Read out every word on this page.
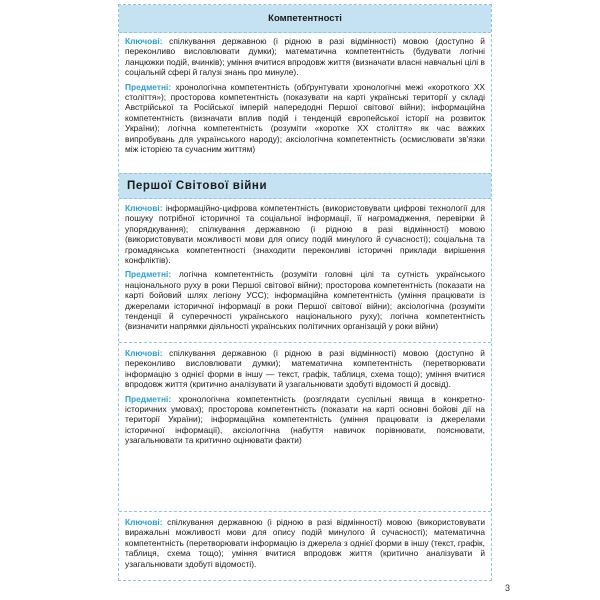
Компетентності

Ключові: спілкування державною (і рідною в разі відмінності) мовою (доступно й переконливо висловлювати думки); математична компетентність (будувати логічні ланцюжки подій, вчинків); уміння вчитися впродовж життя (визначати власні навчальні цілі в соціальній сфері й галузі знань про минуле).

Предметні: хронологічна компетентність (обґрунтувати хронологічні межі «короткого XX століття»); просторова компетентність (показувати на карті українські території у складі Австрійської та Російської імперій напередодні Першої світової війни); інформаційна компетентність (визначати вплив подій і тенденцій європейської історії на розвиток України); логічна компетентність (розуміти «коротке XX століття» як час важких випробувань для українського народу); аксіологічна компетентність (осмислювати зв'язки між історією та сучасним життям)

Першої Світової війни

Ключові: інформаційно-цифрова компетентність (використовувати цифрові технології для пошуку потрібної історичної та соціальної інформації, її нагромадження, перевірки й упорядкування); спілкування державною (і рідною в разі відмінності) мовою (використовувати можливості мови для опису подій минулого й сучасності); соціальна та громадянська компетентності (знаходити переконливі історичні приклади вирішення конфліктів).

Предметні: логічна компетентність (розуміти головні цілі та сутність українського національного руху в роки Першої світової війни); просторова компетентність (показати на карті бойовий шлях легіону УСС); інформаційна компетентність (уміння працювати із джерелами історичної інформації в роки Першої світової війни); аксіологічна (розуміти тенденції й суперечності українського національного руху); логічна компетентність (визначити напрямки діяльності українських політичних організацій у роки війни)

Ключові: спілкування державною (і рідною в разі відмінності) мовою (доступно й переконливо висловлювати думки); математична компетентність (перетворювати інформацію з однієї форми в іншу — текст, графік, таблиця, схема тощо); уміння вчитися впродовж життя (критично аналізувати й узагальнювати здобуті відомості й досвід).

Предметні: хронологічна компетентність (розглядати суспільні явища в конкретно-історичних умовах); просторова компетентність (показати на карті основні бойові дії на території України); інформаційна компетентність (уміння працювати із джерелами історичної інформації), аксіологічна (набуття навичок порівнювати, пояснювати, узагальнювати та критично оцінювати факти)

Ключові: спілкування державною (і рідною в разі відмінності) мовою (використовувати виражальні можливості мови для опису подій минулого й сучасності); математична компетентність (перетворювати інформацію із джерела з однієї форми в іншу (текст, графік, таблиця, схема тощо); уміння вчитися впродовж життя (критично аналізувати й узагальнювати здобуті відомості).

3
